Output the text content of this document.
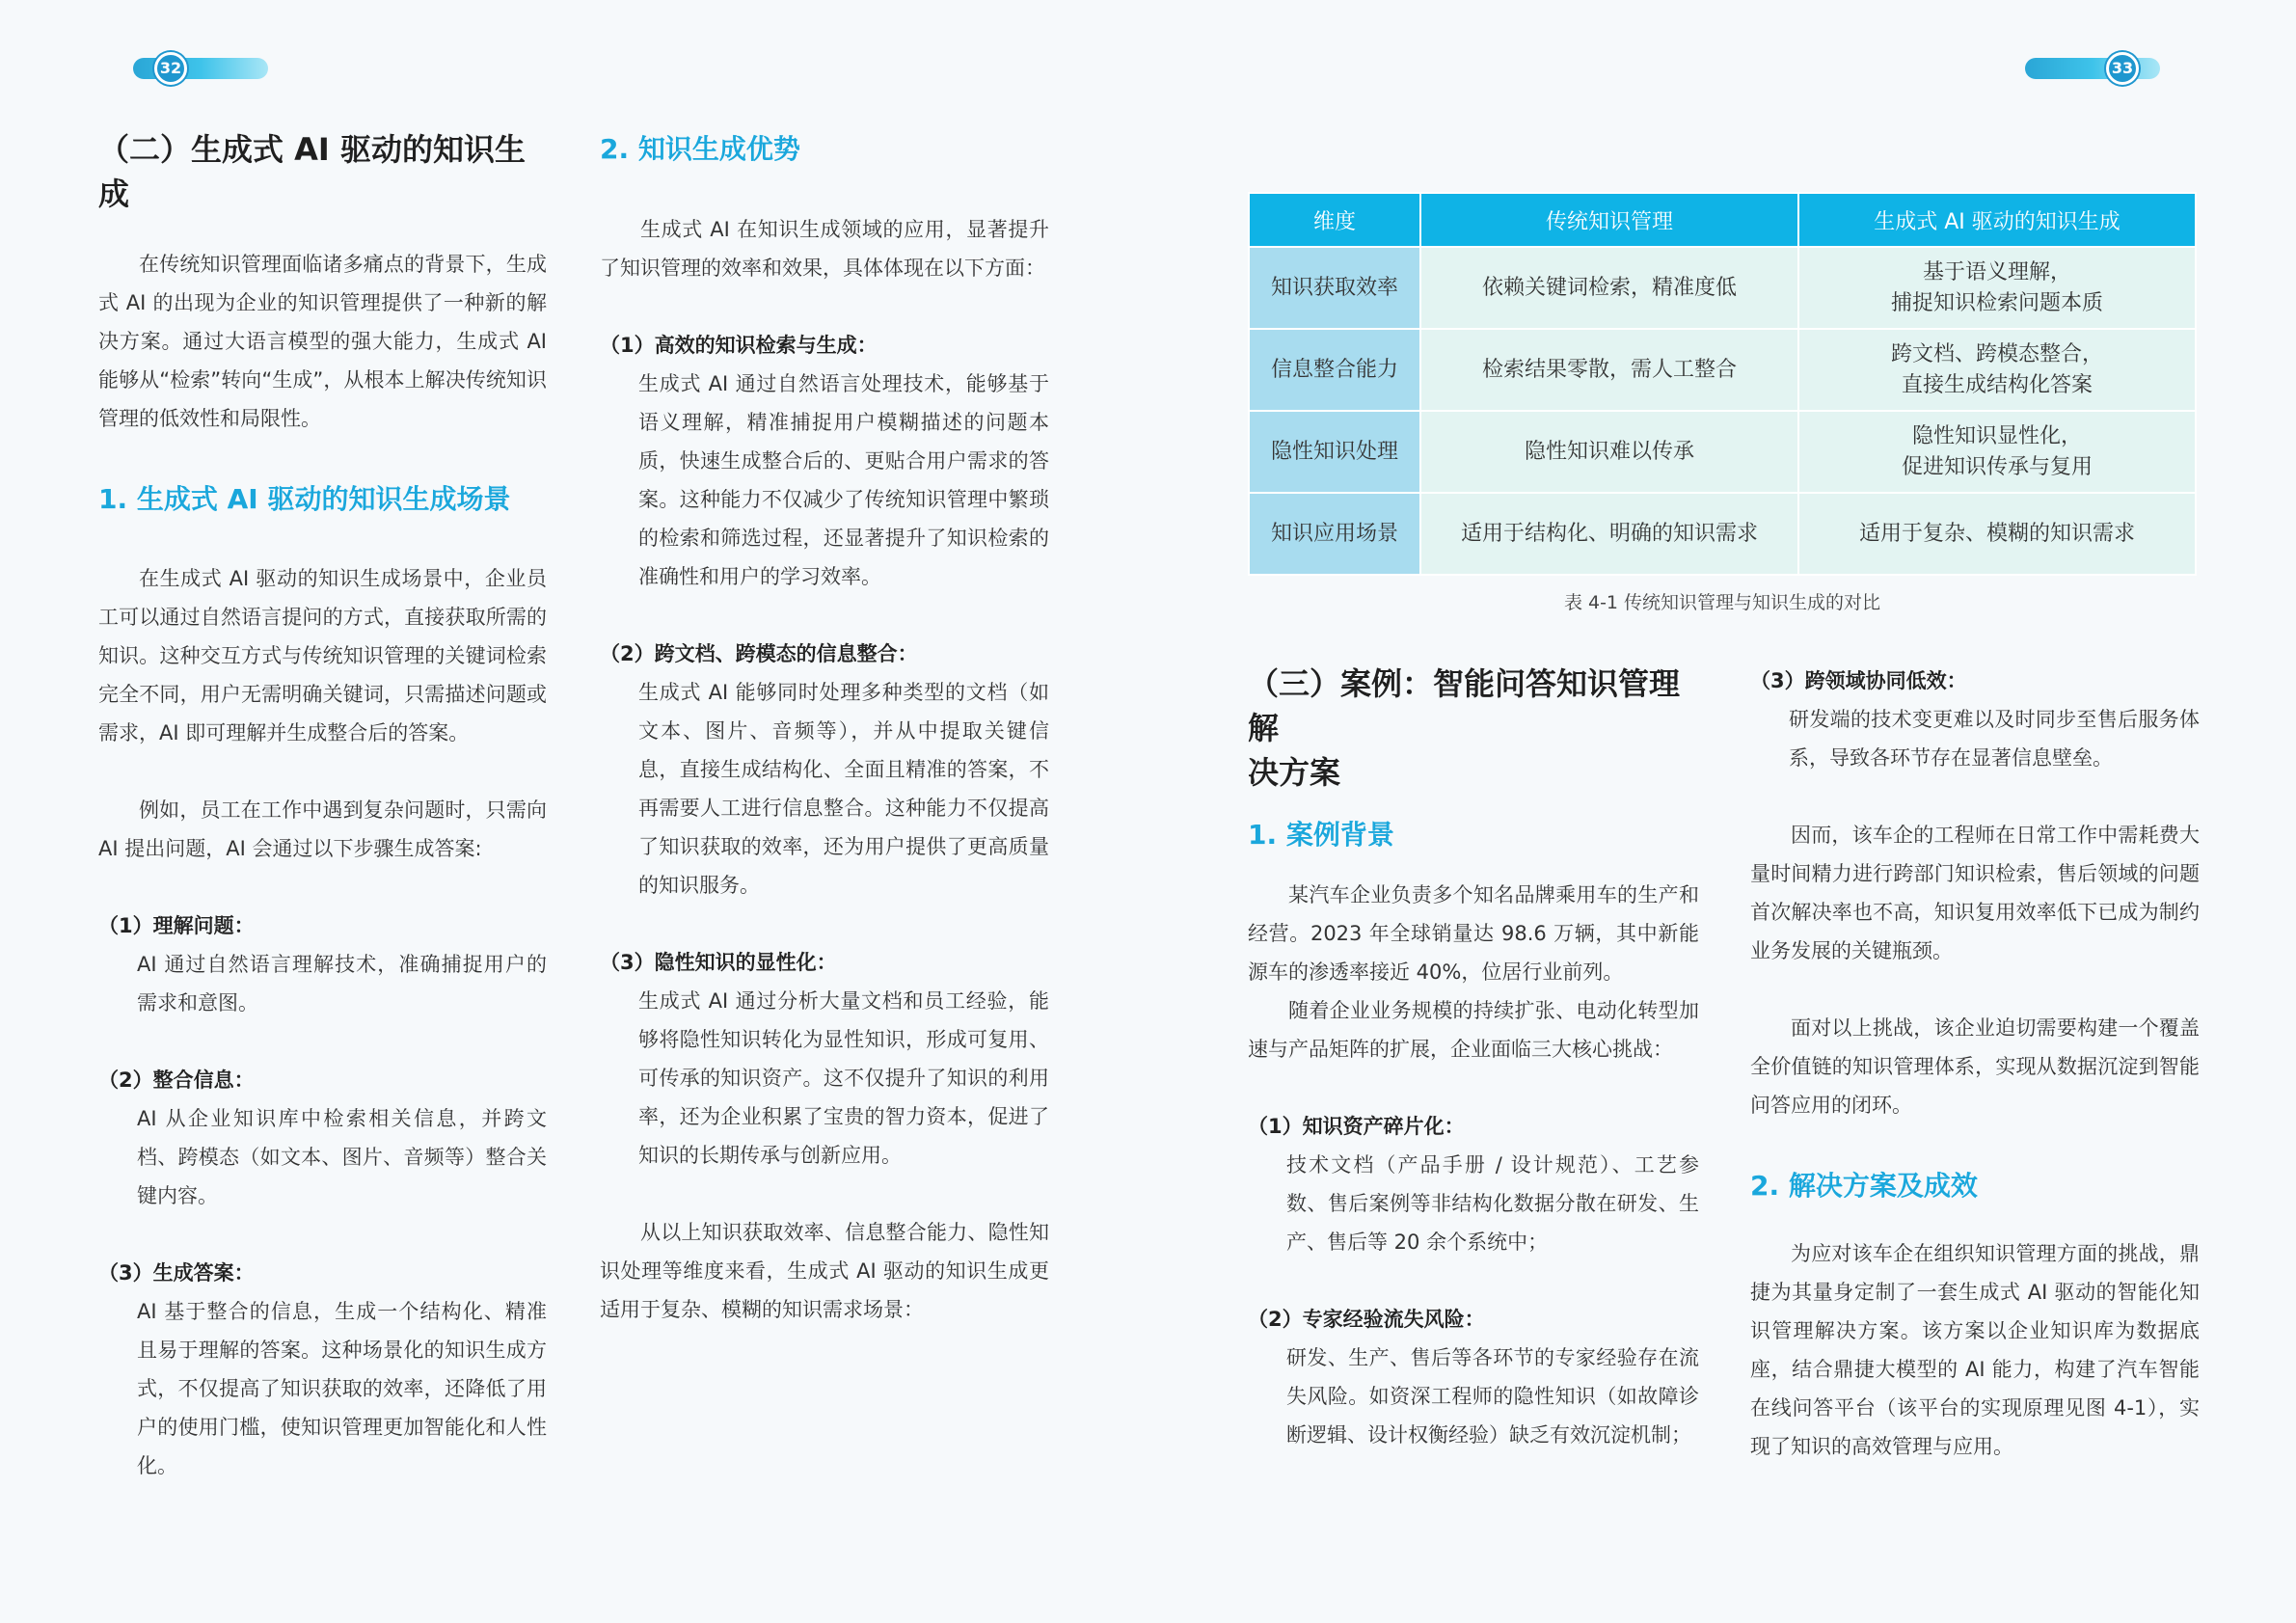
32	33
（二）生成式 AI 驱动的知识生成
在传统知识管理面临诸多痛点的背景下，生成式 AI 的出现为企业的知识管理提供了一种新的解决方案。通过大语言模型的强大能力，生成式 AI 能够从“检索”转向“生成”，从根本上解决传统知识管理的低效性和局限性。
1. 生成式 AI 驱动的知识生成场景
在生成式 AI 驱动的知识生成场景中，企业员工可以通过自然语言提问的方式，直接获取所需的知识。这种交互方式与传统知识管理的关键词检索完全不同，用户无需明确关键词，只需描述问题或需求，AI 即可理解并生成整合后的答案。
例如，员工在工作中遇到复杂问题时，只需向 AI 提出问题，AI 会通过以下步骤生成答案:
（1）理解问题：
AI 通过自然语言理解技术，准确捕捉用户的需求和意图。
（2）整合信息：
AI 从企业知识库中检索相关信息，并跨文档、跨模态（如文本、图片、音频等）整合关键内容。
（3）生成答案：
AI 基于整合的信息，生成一个结构化、精准且易于理解的答案。这种场景化的知识生成方式，不仅提高了知识获取的效率，还降低了用户的使用门槛，使知识管理更加智能化和人性化。
2. 知识生成优势
生成式 AI 在知识生成领域的应用，显著提升了知识管理的效率和效果，具体体现在以下方面：
（1）高效的知识检索与生成：
生成式 AI 通过自然语言处理技术，能够基于语义理解，精准捕捉用户模糊描述的问题本质，快速生成整合后的、更贴合用户需求的答案。这种能力不仅减少了传统知识管理中繁琐的检索和筛选过程，还显著提升了知识检索的准确性和用户的学习效率。
（2）跨文档、跨模态的信息整合：
生成式 AI 能够同时处理多种类型的文档（如文本、图片、音频等），并从中提取关键信息，直接生成结构化、全面且精准的答案，不再需要人工进行信息整合。这种能力不仅提高了知识获取的效率，还为用户提供了更高质量的知识服务。
（3）隐性知识的显性化：
生成式 AI 通过分析大量文档和员工经验，能够将隐性知识转化为显性知识，形成可复用、可传承的知识资产。这不仅提升了知识的利用率，还为企业积累了宝贵的智力资本，促进了知识的长期传承与创新应用。
从以上知识获取效率、信息整合能力、隐性知识处理等维度来看，生成式 AI 驱动的知识生成更适用于复杂、模糊的知识需求场景：
维度	传统知识管理	生成式 AI 驱动的知识生成
知识获取效率	依赖关键词检索，精准度低	基于语义理解，
捕捉知识检索问题本质

信息整合能力	检索结果零散，需人工整合	跨文档、跨模态整合，
直接生成结构化答案

隐性知识处理	隐性知识难以传承	隐性知识显性化，
促进知识传承与复用

知识应用场景	适用于结构化、明确的知识需求	适用于复杂、模糊的知识需求
表 4-1 传统知识管理与知识生成的对比
（三）案例：智能问答知识管理解
决方案
1. 案例背景
某汽车企业负责多个知名品牌乘用车的生产和经营。2023 年全球销量达 98.6 万辆，其中新能源车的渗透率接近 40%，位居行业前列。
随着企业业务规模的持续扩张、电动化转型加速与产品矩阵的扩展，企业面临三大核心挑战：
（1）知识资产碎片化：
技术文档（产品手册 / 设计规范）、工艺参数、售后案例等非结构化数据分散在研发、生产、售后等 20 余个系统中；
（2）专家经验流失风险：
研发、生产、售后等各环节的专家经验存在流失风险。如资深工程师的隐性知识（如故障诊断逻辑、设计权衡经验）缺乏有效沉淀机制；
（3）跨领域协同低效：
研发端的技术变更难以及时同步至售后服务体系，导致各环节存在显著信息壁垒。
因而，该车企的工程师在日常工作中需耗费大量时间精力进行跨部门知识检索，售后领域的问题首次解决率也不高，知识复用效率低下已成为制约业务发展的关键瓶颈。
面对以上挑战，该企业迫切需要构建一个覆盖全价值链的知识管理体系，实现从数据沉淀到智能问答应用的闭环。
2. 解决方案及成效
为应对该车企在组织知识管理方面的挑战，鼎捷为其量身定制了一套生成式 AI 驱动的智能化知识管理解决方案。该方案以企业知识库为数据底座，结合鼎捷大模型的 AI 能力，构建了汽车智能在线问答平台（该平台的实现原理见图 4-1），实现了知识的高效管理与应用。
